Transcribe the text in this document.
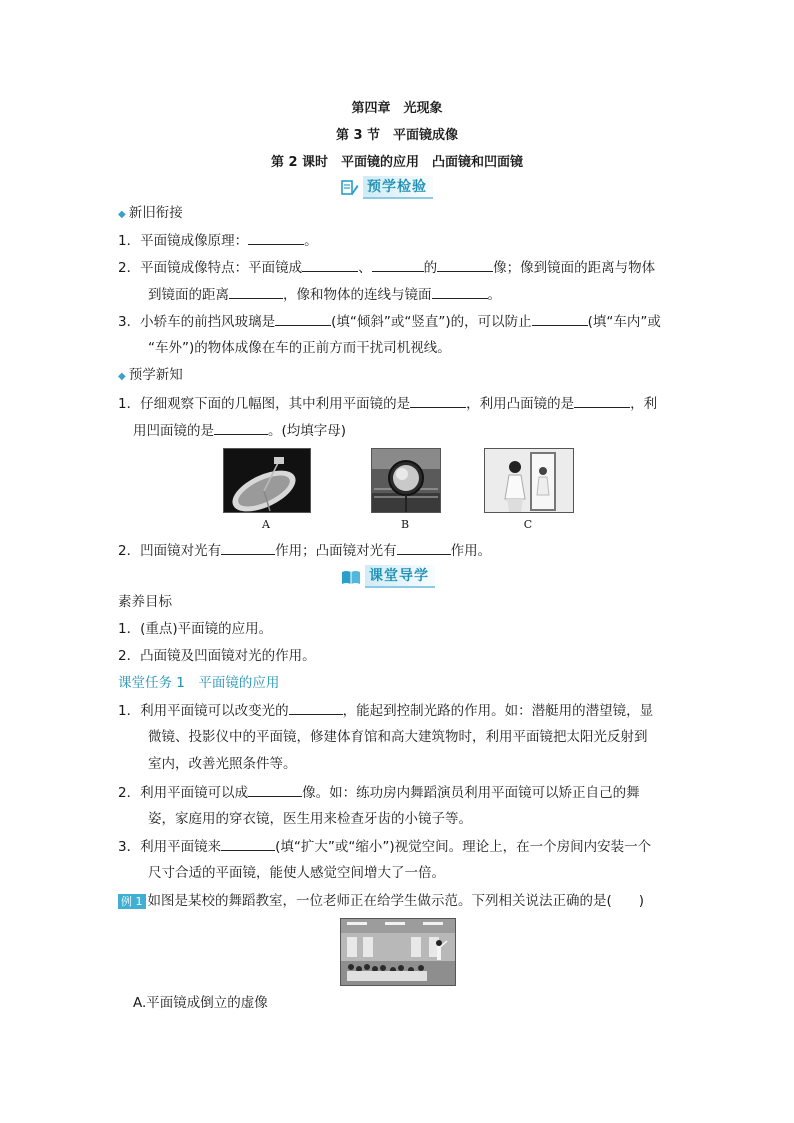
第四章　光现象
第 3 节　平面镜成像
第 2 课时　平面镜的应用　凸面镜和凹面镜
预学检验
◆ 新旧衔接
1．平面镜成像原理：	。
2．平面镜成像特点：平面镜成	、	的	像；像到镜面的距离与物体
到镜面的距离	，像和物体的连线与镜面	。
3．小轿车的前挡风玻璃是	(填“倾斜”或“竖直”)的，可以防止	(填“车内”或
“车外”)的物体成像在车的正前方而干扰司机视线。
◆ 预学新知
1．仔细观察下面的几幅图，其中利用平面镜的是	，利用凸面镜的是	，利
用凹面镜的是	。(均填字母)
A	B	C
2．凹面镜对光有	作用；凸面镜对光有	作用。
课堂导学
素养目标
1．(重点)平面镜的应用。
2．凸面镜及凹面镜对光的作用。
课堂任务 1　平面镜的应用
1．利用平面镜可以改变光的	，能起到控制光路的作用。如：潜艇用的潜望镜，显
微镜、投影仪中的平面镜，修建体育馆和高大建筑物时，利用平面镜把太阳光反射到
室内，改善光照条件等。
2．利用平面镜可以成	像。如：练功房内舞蹈演员利用平面镜可以矫正自己的舞
姿，家庭用的穿衣镜，医生用来检查牙齿的小镜子等。
3．利用平面镜来	(填“扩大”或“缩小”)视觉空间。理论上，在一个房间内安装一个
尺寸合适的平面镜，能使人感觉空间增大了一倍。
例 1 如图是某校的舞蹈教室，一位老师正在给学生做示范。下列相关说法正确的是(　　)
A.平面镜成倒立的虚像
